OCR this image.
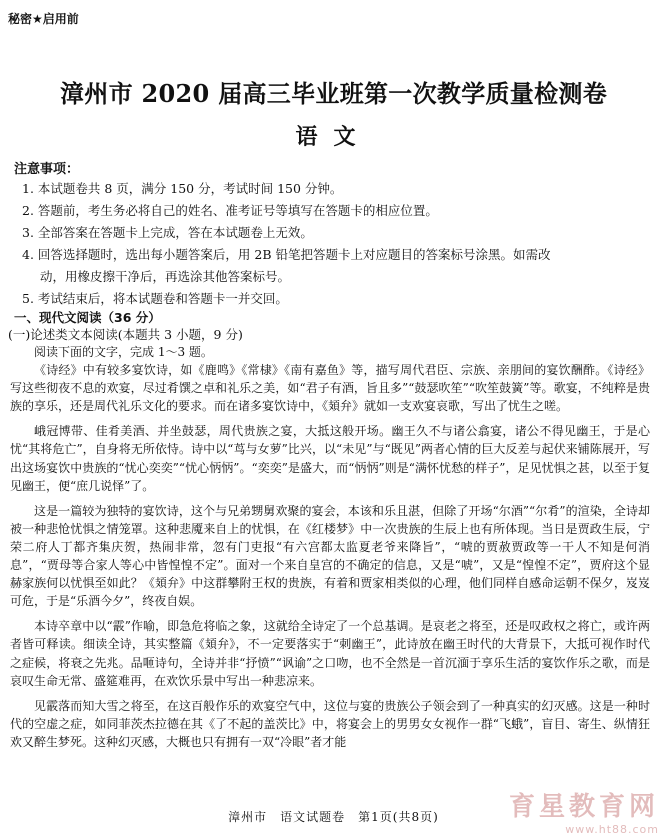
秘密★启用前
漳州市 2020 届高三毕业班第一次教学质量检测卷
语文
注意事项：

1. 本试题卷共 8 页，满分 150 分，考试时间 150 分钟。

2. 答题前，考生务必将自己的姓名、准考证号等填写在答题卡的相应位置。

3. 全部答案在答题卡上完成，答在本试题卷上无效。

4. 回答选择题时，选出每小题答案后，用 2B 铅笔把答题卡上对应题目的答案标号涂黑。如需改

动，用橡皮擦干净后，再选涂其他答案标号。

5. 考试结束后，将本试题卷和答题卡一并交回。

一、现代文阅读（36 分）
(一)论述类文本阅读(本题共 3 小题，9 分)

阅读下面的文字，完成 1～3 题。

《诗经》中有较多宴饮诗，如《鹿鸣》《常棣》《南有嘉鱼》等，描写周代君臣、宗族、亲朋间的宴饮酬酢。《诗经》写这些彻夜不息的欢宴，尽过肴馔之卓和礼乐之美，如“君子有酒，旨且多”“鼓瑟吹笙”“吹笙鼓簧”等。歌宴，不纯粹是贵族的享乐，还是周代礼乐文化的要求。而在诸多宴饮诗中，《頍弁》就如一支欢宴哀歌，写出了忧生之嗟。

峨冠博带、佳肴美酒、并坐鼓瑟，周代贵族之宴，大抵这般开场。幽王久不与诸公翕宴，诸公不得见幽王，于是心忧“其将危亡”，自身将无所依恃。诗中以“茑与女萝”比兴，以“未见”与“既见”两者心情的巨大反差与起伏来铺陈展开，写出这场宴饮中贵族的“忧心奕奕”“忧心怲怲”。“奕奕”是盛大，而“怲怲”则是“满怀忧愁的样子”，足见忧惧之甚，以至于复见幽王，便“庶几说怿”了。

这是一篇较为独特的宴饮诗，这个与兄弟甥舅欢聚的宴会，本该和乐且湛，但除了开场“尔酒”“尔肴”的渲染，全诗却被一种悲怆忧惧之情笼罩。这种悲魇来自上的忧惧，在《红楼梦》中一次贵族的生辰上也有所体现。当日是贾政生辰，宁荣二府人丁都齐集庆贺，热闹非常，忽有门吏报“有六宫都太监夏老爷来降旨”，“唬的贾赦贾政等一干人不知是何消息”，“贾母等合家人等心中皆惶惶不定”。面对一个来自皇宫的不确定的信息，又是“唬”，又是“惶惶不定”，贾府这个显赫家族何以忧惧至如此？《頍弁》中这群攀附王权的贵族，有着和贾家相类似的心理，他们同样自感命运朝不保夕，岌岌可危，于是“乐酒今夕”，终夜自娱。

本诗卒章中以“霰”作喻，即急危将临之象，这就给全诗定了一个总基调。是哀老之将至，还是叹政权之将亡，或许两者皆可释读。细读全诗，其实整篇《頍弁》，不一定要落实于“刺幽王”，此诗放在幽王时代的大背景下，大抵可视作时代之症候，将衰之先兆。品咂诗句，全诗并非“抒愤”“讽谕”之口吻，也不全然是一首沉湎于享乐生活的宴饮作乐之歌，而是哀叹生命无常、盛筵难再，在欢饮乐景中写出一种悲凉来。

见霰落而知大雪之将至，在这百般作乐的欢宴空气中，这位与宴的贵族公子领会到了一种真实的幻灭感。这是一种时代的空虚之症，如同菲茨杰拉德在其《了不起的盖茨比》中，将宴会上的男男女女视作一群“飞蛾”，盲目、寄生、纵情狂欢又醉生梦死。这种幻灭感，大概也只有拥有一双“冷眼”者才能

漳州市　语文试题卷　第1页(共8页)	育星教育网
www.ht88.com
